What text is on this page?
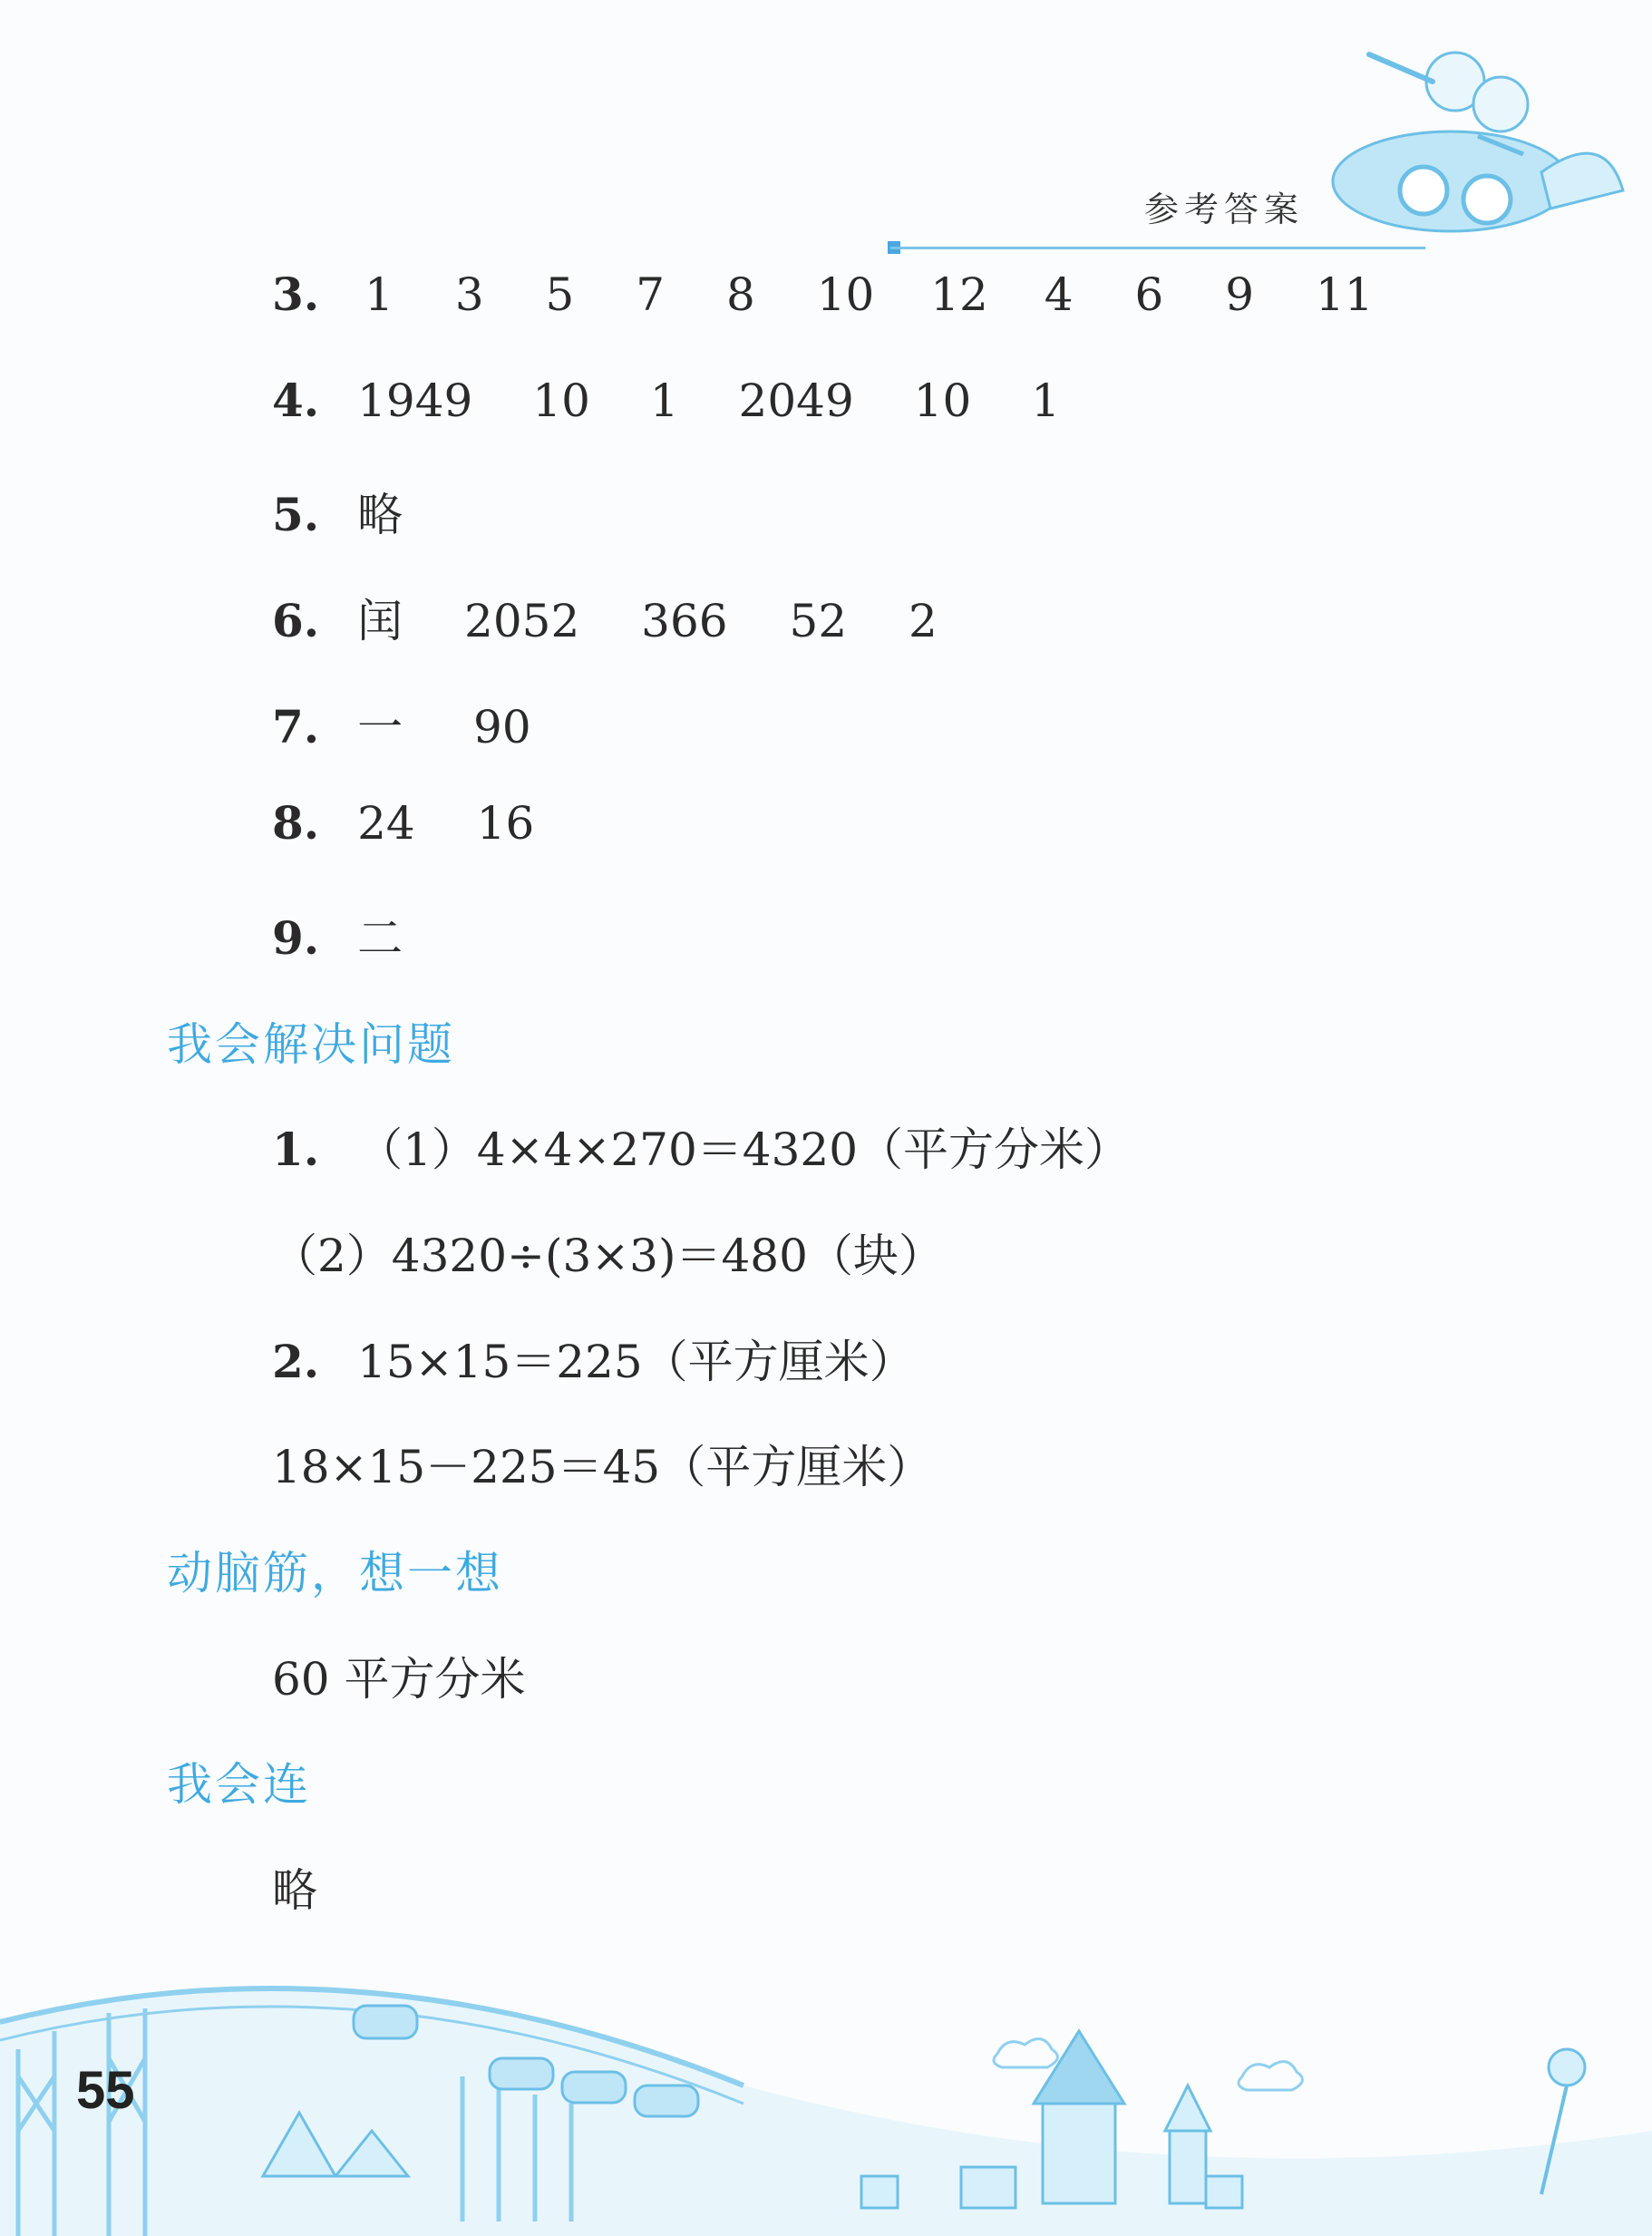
参考答案
3. 1 3 5 7 8 10 12 4 6 9 11
4. 1949 10 1 2049 10 1
5. 略
6. 闰 2052 366 52 2
7. 一 90
8. 24 16
9. 二
我会解决问题
1. （1）4×4×270＝4320（平方分米）
（2）4320÷(3×3)＝480（块）
2. 15×15＝225（平方厘米）
18×15－225＝45（平方厘米）
动脑筋，想一想
60 平方分米
我会连
略
55
